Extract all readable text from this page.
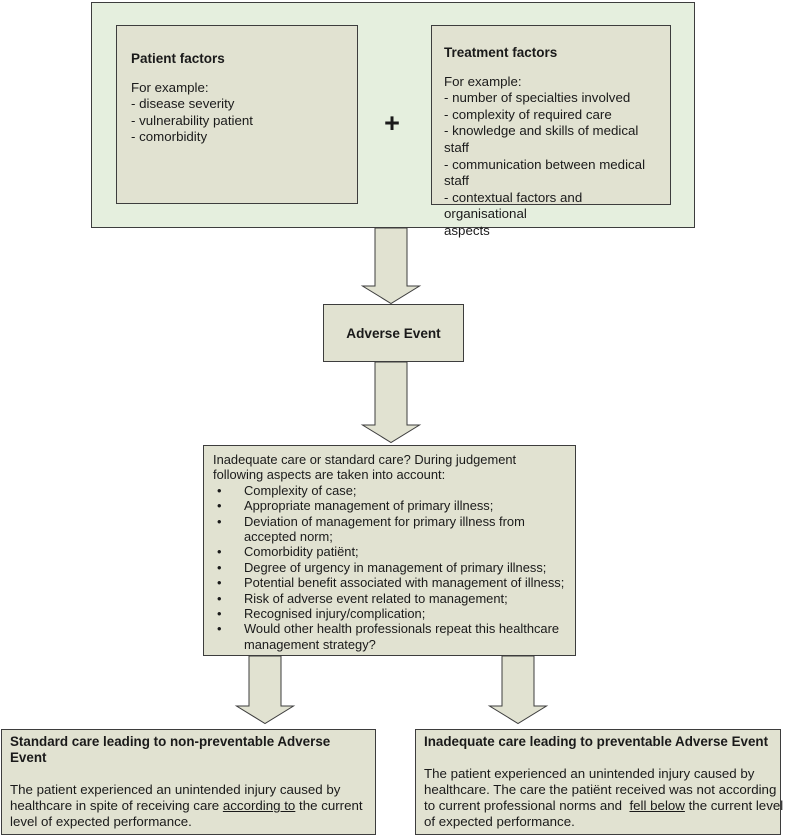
Patient factors
For example:
- disease severity
- vulnerability patient
- comorbidity	+
Treatment factors
For example:
- number of specialties involved
- complexity of required care
- knowledge and skills of medical staff
- communication between medical staff
- contextual factors and organisational
aspects
Adverse Event
Inadequate care or standard care? During judgement
following aspects are taken into account:
•	Complexity of case;
•	Appropriate management of primary illness;
•	Deviation of management for primary illness from
accepted norm;
•	Comorbidity patiënt;
•	Degree of urgency in management of primary illness;
•	Potential benefit associated with management of illness;
•	Risk of adverse event related to management;
•	Recognised injury/complication;
•	Would other health professionals repeat this healthcare
management strategy?
Standard care leading to non-preventable Adverse Event
The patient experienced an unintended injury caused by
healthcare in spite of receiving care according to the current
level of expected performance.
Inadequate care leading to preventable Adverse Event
The patient experienced an unintended injury caused by
healthcare. The care the patiënt received was not according
to current professional norms and  fell below the current level
of expected performance.
